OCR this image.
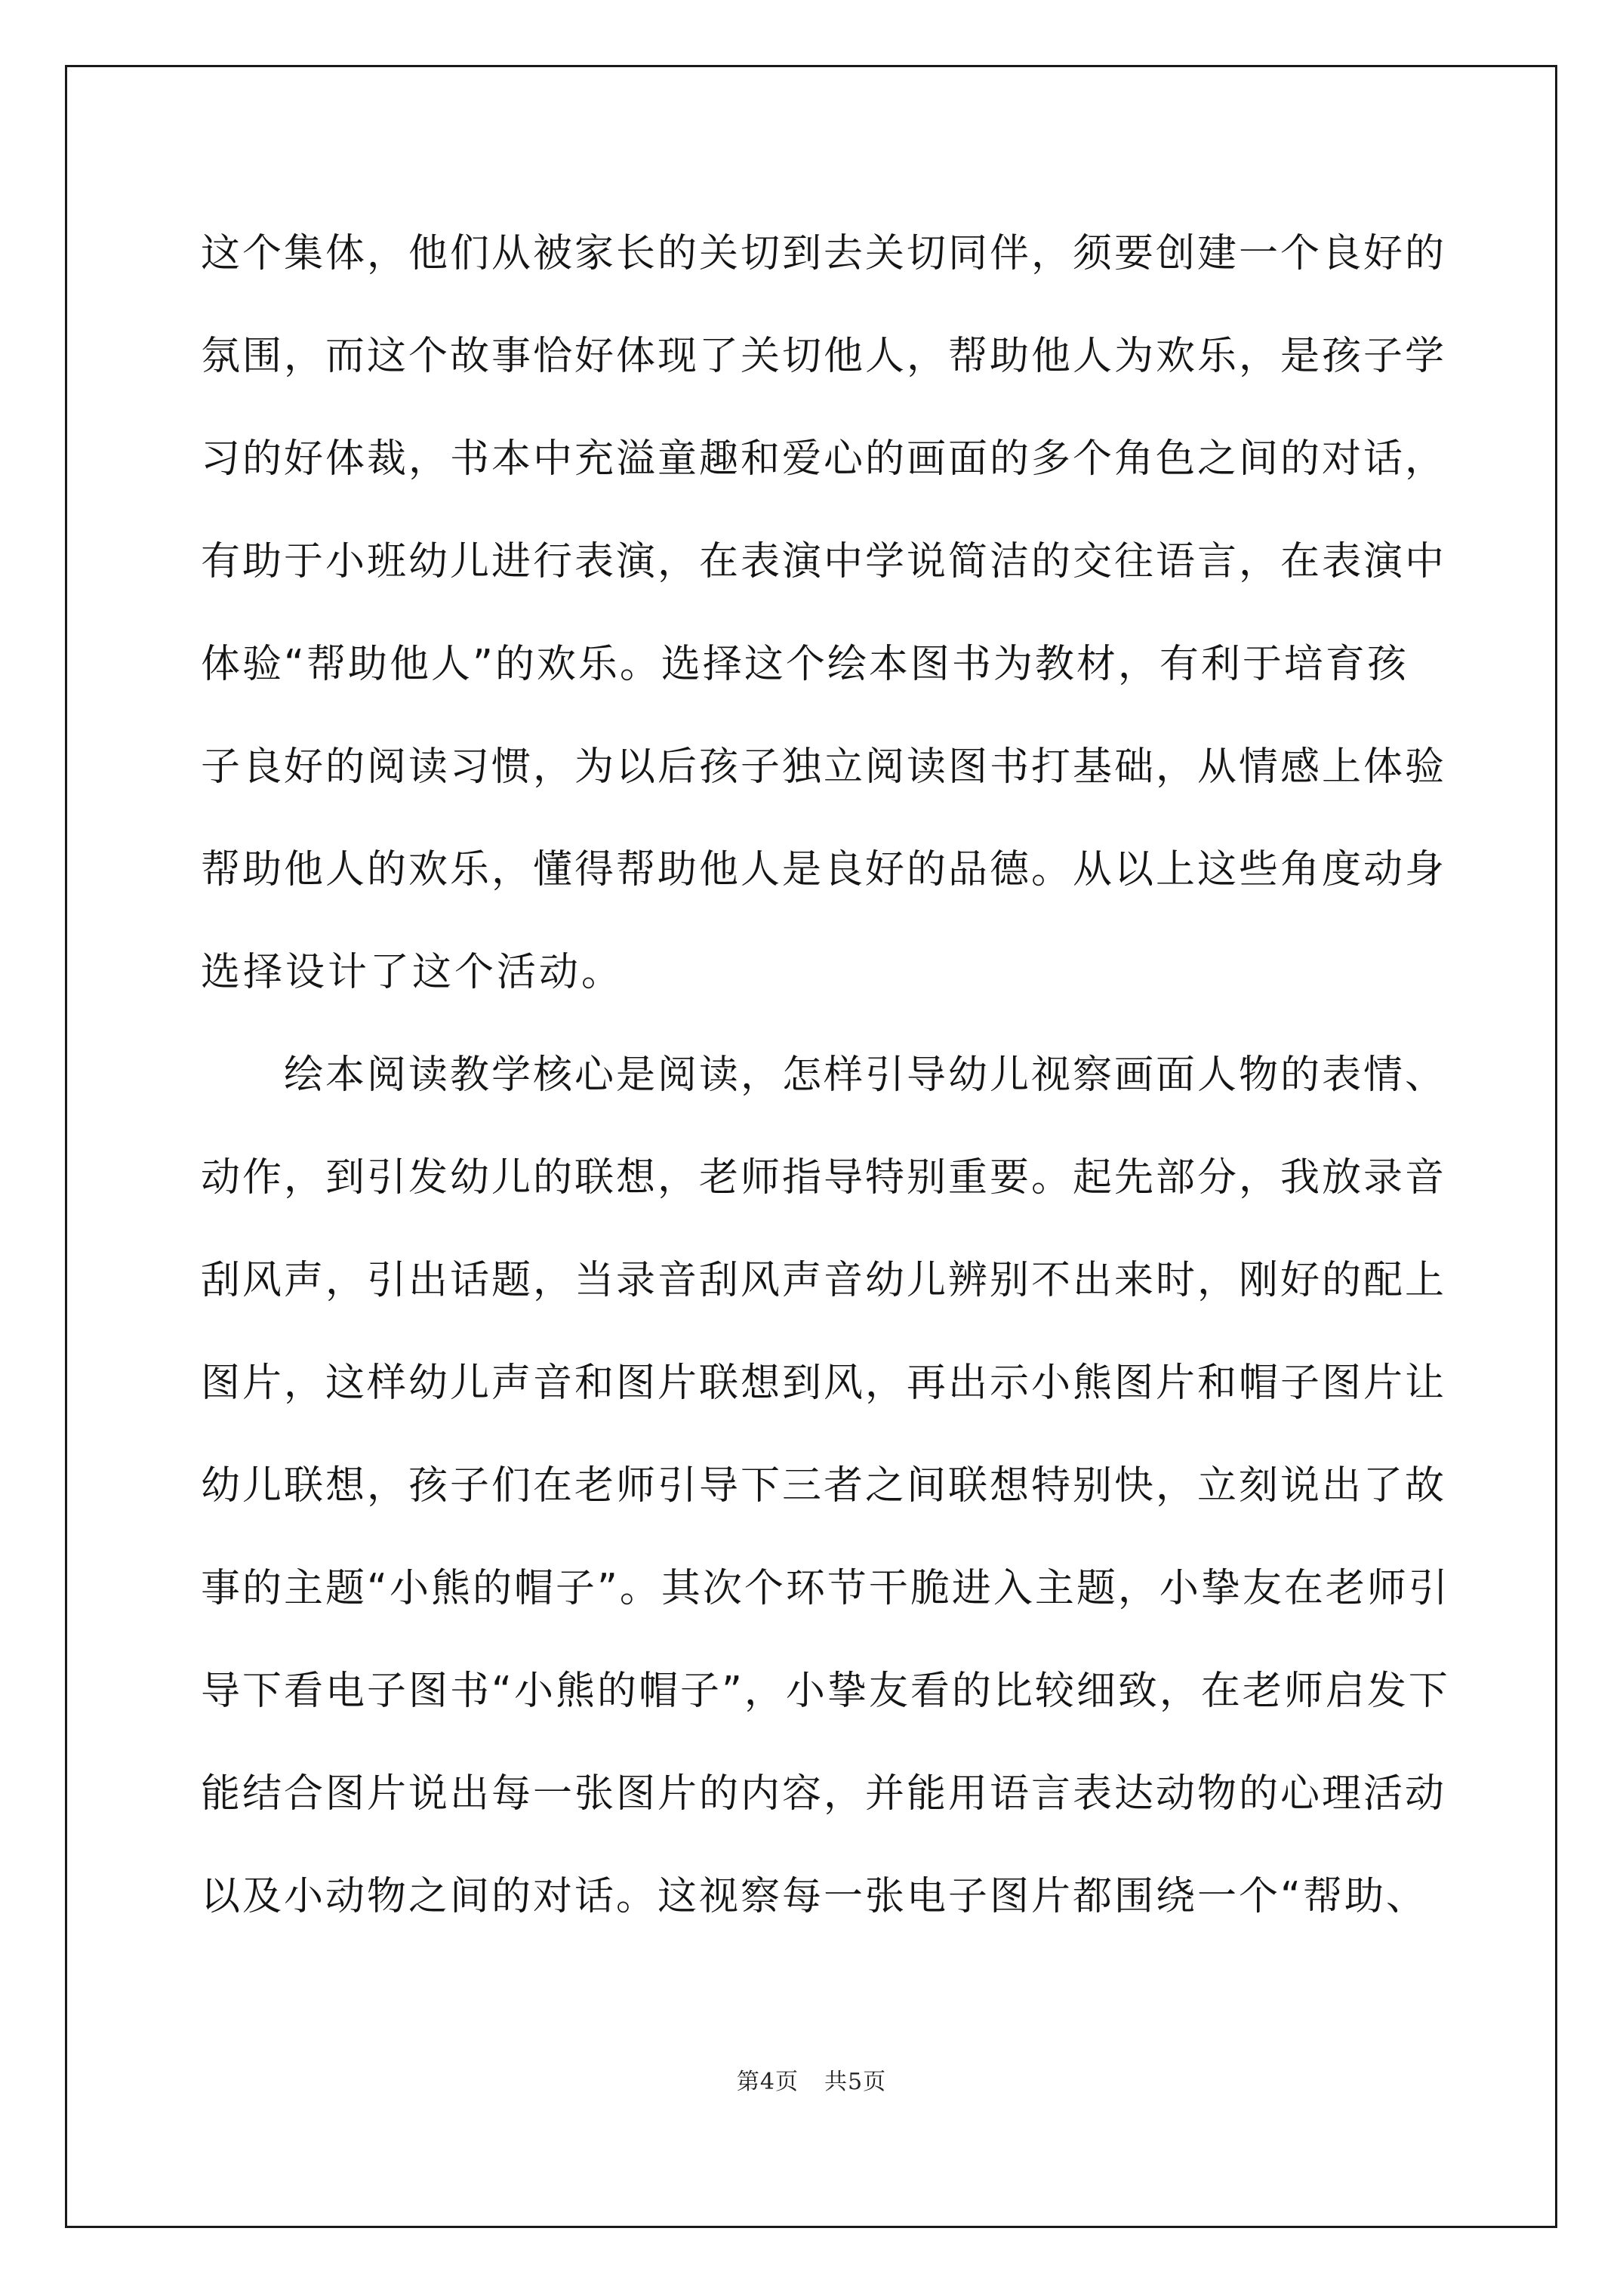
这个集体，他们从被家长的关切到去关切同伴，须要创建一个良好的
氛围，而这个故事恰好体现了关切他人，帮助他人为欢乐，是孩子学
习的好体裁，书本中充溢童趣和爱心的画面的多个角色之间的对话，
有助于小班幼儿进行表演，在表演中学说简洁的交往语言，在表演中
体验“帮助他人”的欢乐。选择这个绘本图书为教材，有利于培育孩
子良好的阅读习惯，为以后孩子独立阅读图书打基础，从情感上体验
帮助他人的欢乐，懂得帮助他人是良好的品德。从以上这些角度动身
选择设计了这个活动。
绘本阅读教学核心是阅读，怎样引导幼儿视察画面人物的表情、
动作，到引发幼儿的联想，老师指导特别重要。起先部分，我放录音
刮风声，引出话题，当录音刮风声音幼儿辨别不出来时，刚好的配上
图片，这样幼儿声音和图片联想到风，再出示小熊图片和帽子图片让
幼儿联想，孩子们在老师引导下三者之间联想特别快，立刻说出了故
事的主题“小熊的帽子”。其次个环节干脆进入主题，小挚友在老师引
导下看电子图书“小熊的帽子”，小挚友看的比较细致，在老师启发下
能结合图片说出每一张图片的内容，并能用语言表达动物的心理活动
以及小动物之间的对话。这视察每一张电子图片都围绕一个“帮助、
第4页 共5页
